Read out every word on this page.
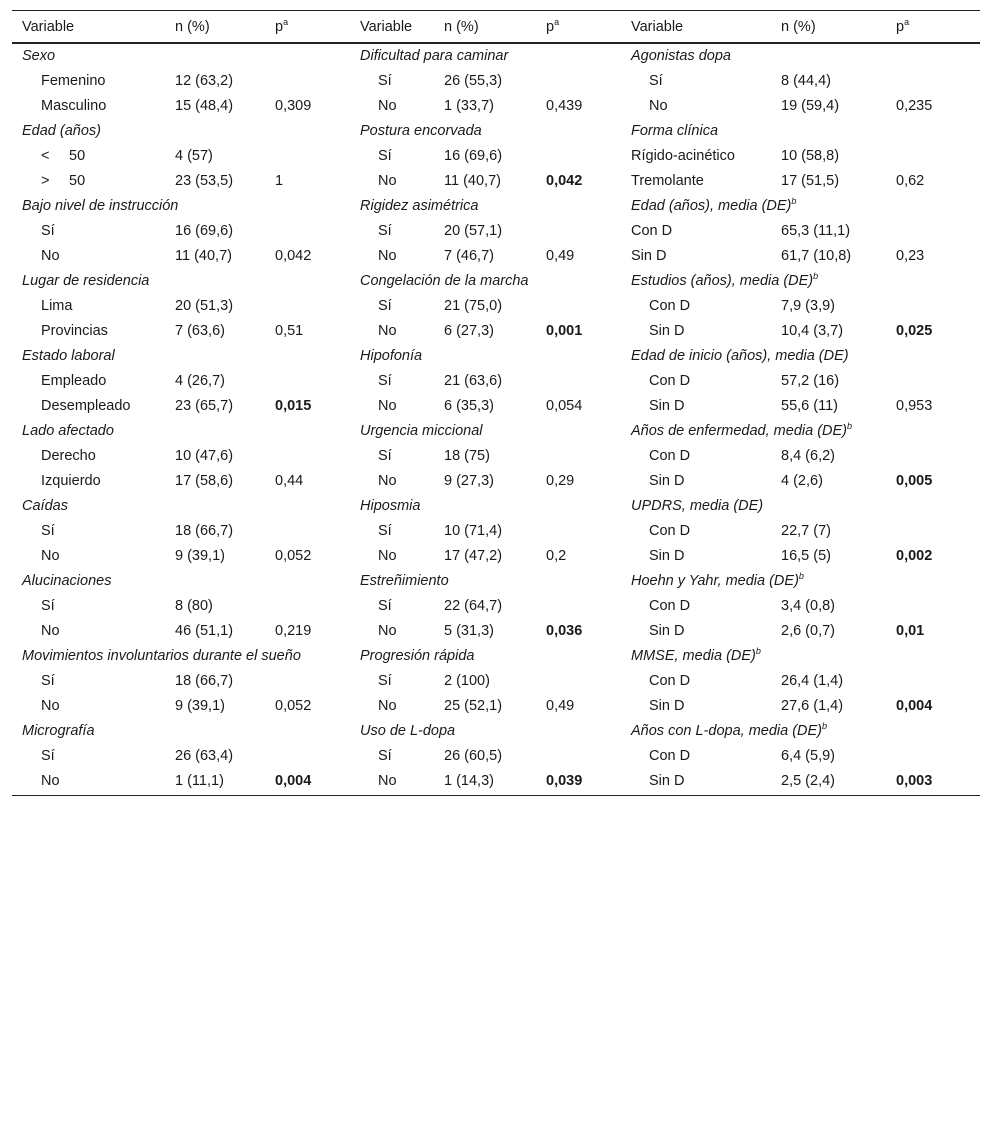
Variable	n (%)	$p^a$	Variable	n (%)	$p^a$	Variable	n (%)	$p^a$
Sexo			Dificultad para caminar			Agonistas dopa		
Femenino	12 (63,2)		Sí	26 (55,3)		Sí	8 (44,4)	
Masculino	15 (48,4)	0,309	No	1 (33,7)	0,439	No	19 (59,4)	0,235
Edad (años)			Postura encorvada			Forma clínica		
< 50	4 (57)		Sí	16 (69,6)		Rígido-acinético	10 (58,8)	
> 50	23 (53,5)	1	No	11 (40,7)	0,042	Tremolante	17 (51,5)	0,62
Bajo nivel de instrucción			Rigidez asimétrica			Edad (años), media (DE)$^b$
Sí	16 (69,6)		Sí	20 (57,1)		Con D	65,3 (11,1)	
No	11 (40,7)	0,042	No	7 (46,7)	0,49	Sin D	61,7 (10,8)	0,23
Lugar de residencia			Congelación de la marcha			Estudios (años), media (DE)$^b$
Lima	20 (51,3)		Sí	21 (75,0)		Con D	7,9 (3,9)	
Provincias	7 (63,6)	0,51	No	6 (27,3)	0,001	Sin D	10,4 (3,7)	0,025
Estado laboral			Hipofonía			Edad de inicio (años), media (DE)		
Empleado	4 (26,7)		Sí	21 (63,6)		Con D	57,2 (16)	
Desempleado	23 (65,7)	0,015	No	6 (35,3)	0,054	Sin D	55,6 (11)	0,953
Lado afectado			Urgencia miccional			Años de enfermedad, media (DE)$^b$
Derecho	10 (47,6)		Sí	18 (75)		Con D	8,4 (6,2)	
Izquierdo	17 (58,6)	0,44	No	9 (27,3)	0,29	Sin D	4 (2,6)	0,005
Caídas			Hiposmia			UPDRS, media (DE)		
Sí	18 (66,7)		Sí	10 (71,4)		Con D	22,7 (7)	
No	9 (39,1)	0,052	No	17 (47,2)	0,2	Sin D	16,5 (5)	0,002
Alucinaciones			Estreñimiento			Hoehn y Yahr, media (DE)$^b$
Sí	8 (80)		Sí	22 (64,7)		Con D	3,4 (0,8)	
No	46 (51,1)	0,219	No	5 (31,3)	0,036	Sin D	2,6 (0,7)	0,01
Movimientos involuntarios durante el sueño			Progresión rápida			MMSE, media (DE)$^b$
Sí	18 (66,7)		Sí	2 (100)		Con D	26,4 (1,4)	
No	9 (39,1)	0,052	No	25 (52,1)	0,49	Sin D	27,6 (1,4)	0,004
Micrografía			Uso de L-dopa			Años con L-dopa, media (DE)$^b$
Sí	26 (63,4)		Sí	26 (60,5)		Con D	6,4 (5,9)	
No	1 (11,1)	0,004	No	1 (14,3)	0,039	Sin D	2,5 (2,4)	0,003
